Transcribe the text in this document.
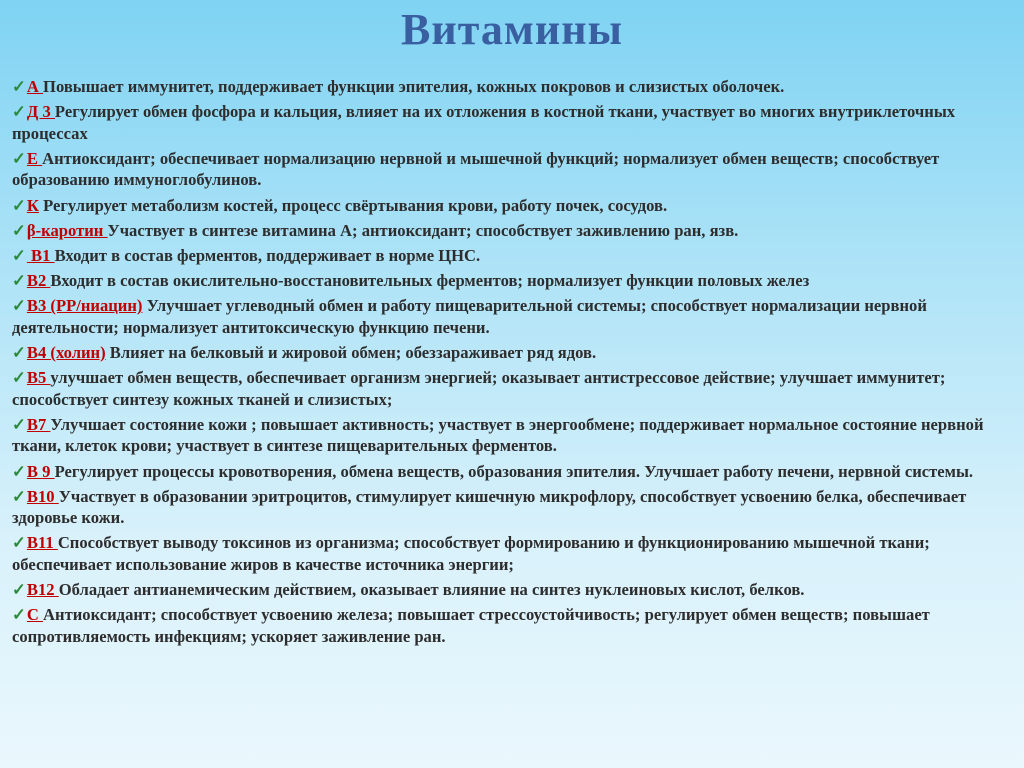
Витамины
✓А Повышает иммунитет, поддерживает функции эпителия, кожных покровов и слизистых оболочек.
✓Д 3 Регулирует обмен фосфора и кальция, влияет на их отложения в костной ткани, участвует во многих внутриклеточных процессах
✓Е Антиоксидант; обеспечивает нормализацию нервной и мышечной функций; нормализует обмен веществ; способствует образованию иммуноглобулинов.
✓К Регулирует метаболизм костей, процесс свёртывания крови, работу почек, сосудов.
✓β-каротин Участвует в синтезе витамина А; антиоксидант; способствует заживлению ран, язв.
✓ В1 Входит в состав ферментов, поддерживает в норме ЦНС.
✓В2 Входит в состав окислительно-восстановительных ферментов; нормализует функции половых желез
✓В3 (РР/ниацин) Улучшает углеводный обмен и работу пищеварительной системы; способствует нормализации нервной деятельности; нормализует антитоксическую функцию печени.
✓В4 (холин) Влияет на белковый и жировой обмен; обеззараживает ряд ядов.
✓В5 улучшает обмен веществ, обеспечивает организм энергией; оказывает антистрессовое действие; улучшает иммунитет; способствует синтезу кожных тканей и слизистых;
✓В7 Улучшает состояние кожи ; повышает активность; участвует в энергообмене; поддерживает нормальное состояние нервной ткани, клеток крови; участвует в синтезе пищеварительных ферментов.
✓В 9 Регулирует процессы кровотворения, обмена веществ, образования эпителия. Улучшает работу печени, нервной системы.
✓В10 Участвует в образовании эритроцитов, стимулирует кишечную микрофлору, способствует усвоению белка, обеспечивает здоровье кожи.
✓В11 Способствует выводу токсинов из организма; способствует формированию и функционированию мышечной ткани; обеспечивает использование жиров в качестве источника энергии;
✓В12 Обладает антианемическим действием, оказывает влияние на синтез нуклеиновых кислот, белков.
✓С Антиоксидант; способствует усвоению железа; повышает стрессоустойчивость; регулирует обмен веществ; повышает сопротивляемость инфекциям; ускоряет заживление ран.
